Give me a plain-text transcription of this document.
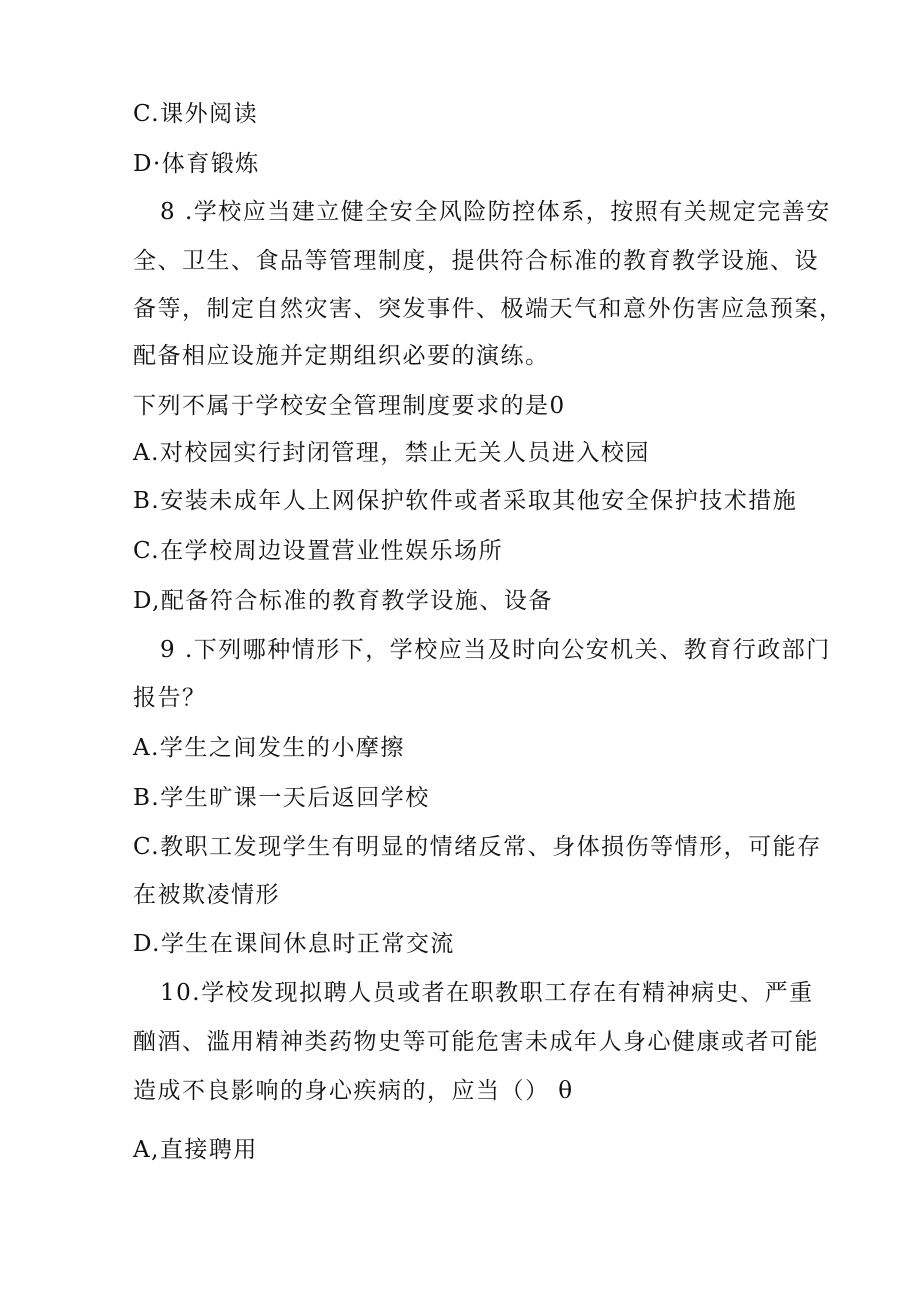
C.课外阅读
D·体育锻炼
8 .学校应当建立健全安全风险防控体系，按照有关规定完善安
全、卫生、食品等管理制度，提供符合标准的教育教学设施、设
备等，制定自然灾害、突发事件、极端天气和意外伤害应急预案，
配备相应设施并定期组织必要的演练。
下列不属于学校安全管理制度要求的是0
A.对校园实行封闭管理，禁止无关人员进入校园
B.安装未成年人上网保护软件或者采取其他安全保护技术措施
C.在学校周边设置营业性娱乐场所
D,配备符合标准的教育教学设施、设备
9 .下列哪种情形下，学校应当及时向公安机关、教育行政部门
报告？
A.学生之间发生的小摩擦
B.学生旷课一天后返回学校
C.教职工发现学生有明显的情绪反常、身体损伤等情形，可能存
在被欺凌情形
D.学生在课间休息时正常交流
10.学校发现拟聘人员或者在职教职工存在有精神病史、严重
酗酒、滥用精神类药物史等可能危害未成年人身心健康或者可能
造成不良影响的身心疾病的，应当（） θ
A,直接聘用
